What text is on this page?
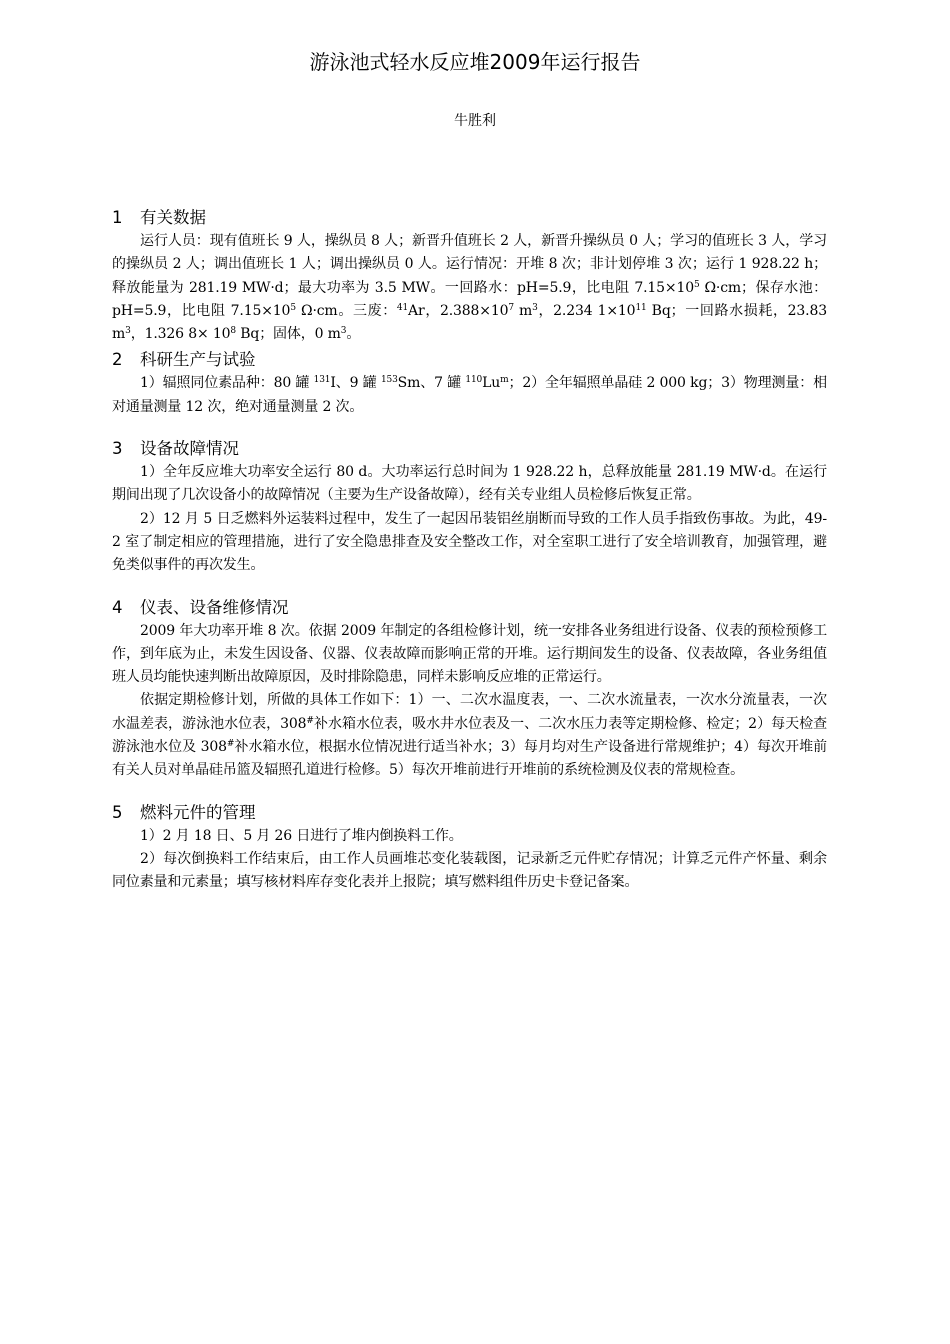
游泳池式轻水反应堆2009年运行报告
牛胜利
1 有关数据

运行人员：现有值班长 9 人，操纵员 8 人；新晋升值班长 2 人，新晋升操纵员 0 人；学习的值班长 3 人，学习的操纵员 2 人；调出值班长 1 人；调出操纵员 0 人。运行情况：开堆 8 次；非计划停堆 3 次；运行 1 928.22 h；释放能量为 281.19 MW·d；最大功率为 3.5 MW。一回路水：pH=5.9，比电阻 $7.15\times 10^5$ Ω·cm；保存水池：pH=5.9，比电阻 $7.15\times 10^5$ Ω·cm。三废：$^{41}$Ar，$2.388\times 10^7$ $m^3$，2.234 $1\times 10^{11}$ Bq；一回路水损耗，23.83 $m^3$，1.326 $8\times 10^8$ Bq；固体，0 $m^3$。

2 科研生产与试验

1）辐照同位素品种：80 罐 $^{131}$I、9 罐 $^{153}$Sm、7 罐 $^{110}$Lu$^m$；2）全年辐照单晶硅 2 000 kg；3）物理测量：相对通量测量 12 次，绝对通量测量 2 次。

3 设备故障情况

1）全年反应堆大功率安全运行 80 d。大功率运行总时间为 1 928.22 h，总释放能量 281.19 MW·d。在运行期间出现了几次设备小的故障情况（主要为生产设备故障），经有关专业组人员检修后恢复正常。

2）12 月 5 日乏燃料外运装料过程中，发生了一起因吊装铝丝崩断而导致的工作人员手指致伤事故。为此，49-2 室了制定相应的管理措施，进行了安全隐患排查及安全整改工作，对全室职工进行了安全培训教育，加强管理，避免类似事件的再次发生。

4 仪表、设备维修情况

2009 年大功率开堆 8 次。依据 2009 年制定的各组检修计划，统一安排各业务组进行设备、仪表的预检预修工作，到年底为止，未发生因设备、仪器、仪表故障而影响正常的开堆。运行期间发生的设备、仪表故障，各业务组值班人员均能快速判断出故障原因，及时排除隐患，同样未影响反应堆的正常运行。

依据定期检修计划，所做的具体工作如下：1）一、二次水温度表，一、二次水流量表，一次水分流量表，一次水温差表，游泳池水位表，308#补水箱水位表，吸水井水位表及一、二次水压力表等定期检修、检定；2）每天检查游泳池水位及 308#补水箱水位，根据水位情况进行适当补水；3）每月均对生产设备进行常规维护；4）每次开堆前有关人员对单晶硅吊篮及辐照孔道进行检修。5）每次开堆前进行开堆前的系统检测及仪表的常规检查。

5 燃料元件的管理

1）2 月 18 日、5 月 26 日进行了堆内倒换料工作。

2）每次倒换料工作结束后，由工作人员画堆芯变化装载图，记录新乏元件贮存情况；计算乏元件产怀量、剩余同位素量和元素量；填写核材料库存变化表并上报院；填写燃料组件历史卡登记备案。
